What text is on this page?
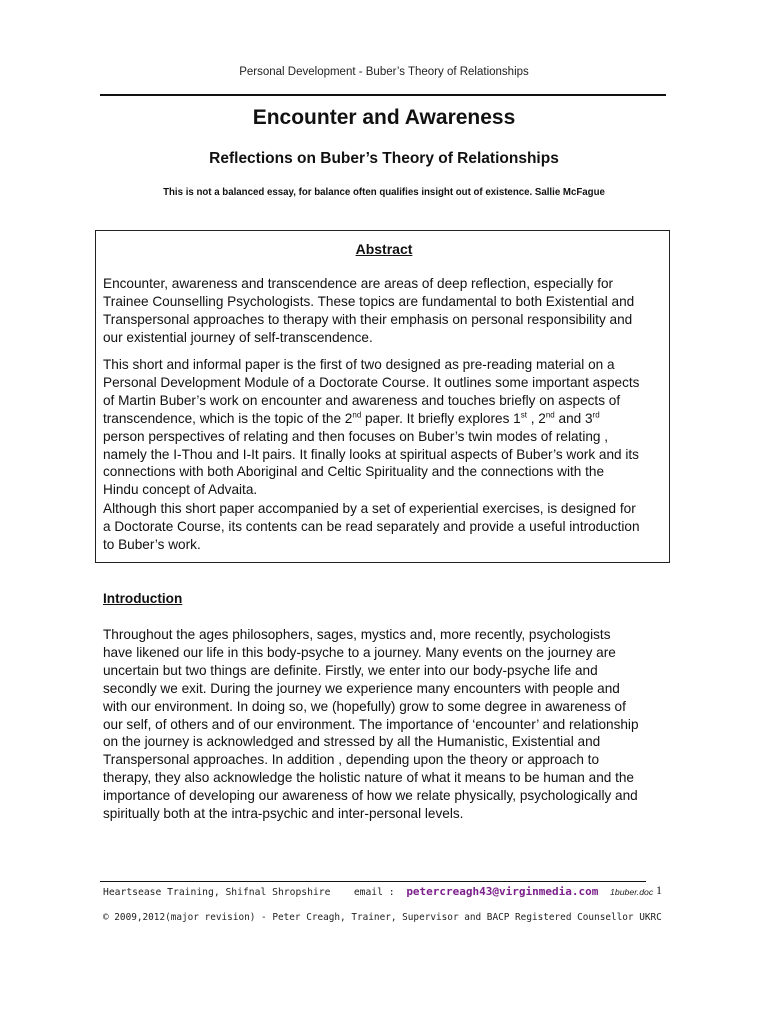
Personal Development - Buber’s Theory of Relationships
Encounter and Awareness
Reflections on Buber’s Theory of Relationships
This is not a balanced essay, for balance often qualifies insight out of existence. Sallie McFague
Abstract
Encounter, awareness and transcendence are areas of deep reflection, especially for
Trainee Counselling Psychologists. These topics are fundamental to both Existential and
Transpersonal approaches to therapy with their emphasis on personal responsibility and
our existential journey of self-transcendence.
This short and informal paper is the first of two designed as pre-reading material on a
Personal Development Module of a Doctorate Course. It outlines some important aspects
of Martin Buber’s work on encounter and awareness and touches briefly on aspects of
transcendence, which is the topic of the 2nd paper. It briefly explores 1st , 2nd and 3rd
person perspectives of relating and then focuses on Buber’s twin modes of relating ,
namely the I-Thou and I-It pairs. It finally looks at spiritual aspects of Buber’s work and its
connections with both Aboriginal and Celtic Spirituality and the connections with the
Hindu concept of Advaita.
Although this short paper accompanied by a set of experiential exercises, is designed for
a Doctorate Course, its contents can be read separately and provide a useful introduction
to Buber’s work.
Introduction
Throughout the ages philosophers, sages, mystics and, more recently, psychologists
have likened our life in this body-psyche to a journey. Many events on the journey are
uncertain but two things are definite. Firstly, we enter into our body-psyche life and
secondly we exit. During the journey we experience many encounters with people and
with our environment. In doing so, we (hopefully) grow to some degree in awareness of
our self, of others and of our environment. The importance of ‘encounter’ and relationship
on the journey is acknowledged and stressed by all the Humanistic, Existential and
Transpersonal approaches. In addition , depending upon the theory or approach to
therapy, they also acknowledge the holistic nature of what it means to be human and the
importance of developing our awareness of how we relate physically, psychologically and
spiritually both at the intra-psychic and inter-personal levels.
Heartsease Training, Shifnal Shropshire email : petercreagh43@virginmedia.com 1buber.doc 1
© 2009,2012(major revision) - Peter Creagh, Trainer, Supervisor and BACP Registered Counsellor UKRC
